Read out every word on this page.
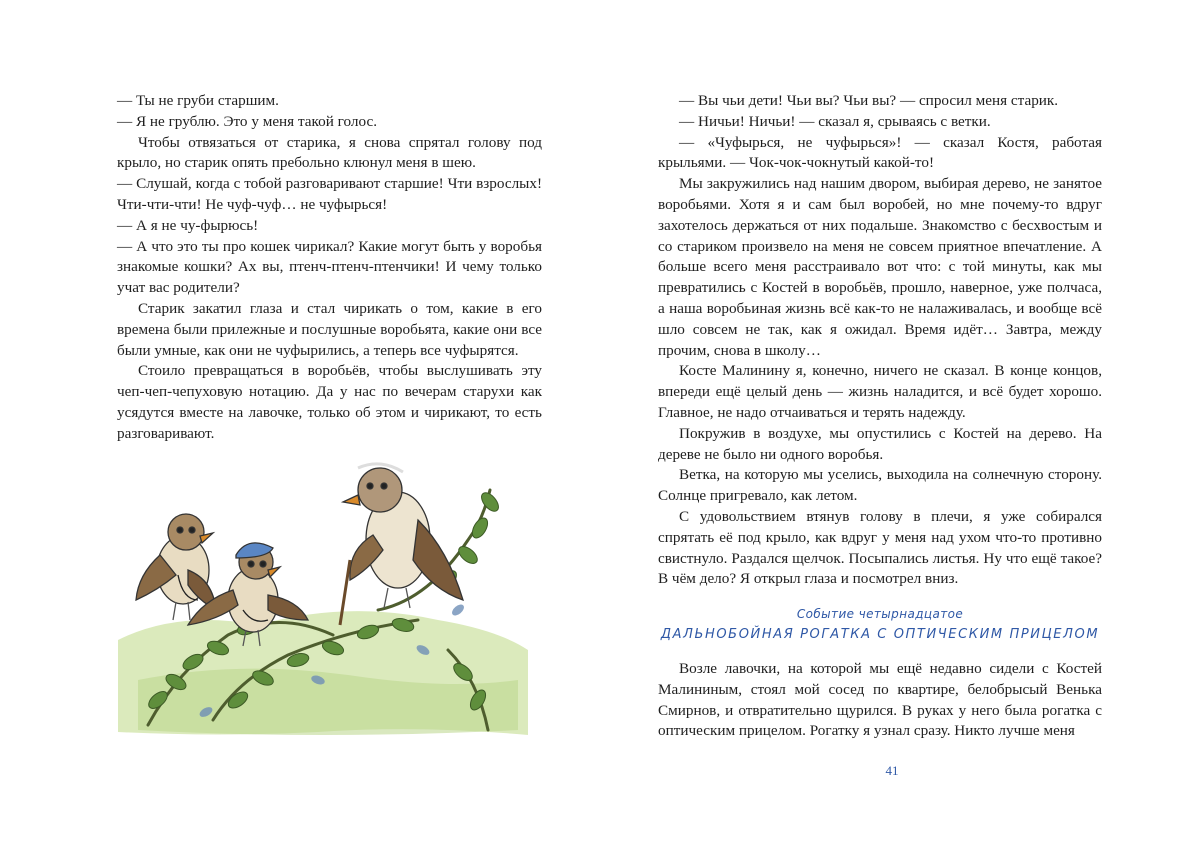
— Ты не груби старшим.

— Я не грублю. Это у меня такой голос.

Чтобы отвязаться от старика, я снова спрятал голову под крыло, но старик опять пребольно клюнул меня в шею.

— Слушай, когда с тобой разговаривают старшие! Чти взрослых! Чти-чти-чти! Не чуф-чуф… не чуфырься!

— А я не чу-фырюсь!

— А что это ты про кошек чирикал? Какие могут быть у воробья знакомые кошки? Ах вы, птенч-птенч-птенчики! И чему только учат вас родители?

Старик закатил глаза и стал чирикать о том, какие в его времена были прилежные и послушные воробьята, какие они все были умные, как они не чуфырились, а теперь все чуфырятся.

Стоило превращаться в воробьёв, чтобы выслушивать эту чеп-чеп-чепуховую нотацию. Да у нас по вечерам старухи как усядутся вместе на лавочке, только об этом и чирикают, то есть разговаривают.

— Вы чьи дети! Чьи вы? Чьи вы? — спросил меня старик.

— Ничьи! Ничьи! — сказал я, срываясь с ветки.

— «Чуфырься, не чуфырься»! — сказал Костя, работая крыльями. — Чок-чок-чокнутый какой-то!

Мы закружились над нашим двором, выбирая дерево, не занятое воробьями. Хотя я и сам был воробей, но мне почему-то вдруг захотелось держаться от них подальше. Знакомство с бесхвостым и со стариком произвело на меня не совсем приятное впечатление. А больше всего меня расстраивало вот что: с той минуты, как мы превратились с Костей в воробьёв, прошло, наверное, уже полчаса, а наша воробьиная жизнь всё как-то не налаживалась, и вообще всё шло совсем не так, как я ожидал. Время идёт… Завтра, между прочим, снова в школу…

Косте Малинину я, конечно, ничего не сказал. В конце концов, впереди ещё целый день — жизнь наладится, и всё будет хорошо. Главное, не надо отчаиваться и терять надежду.

Покружив в воздухе, мы опустились с Костей на дерево. На дереве не было ни одного воробья.

Ветка, на которую мы уселись, выходила на солнечную сторону. Солнце пригревало, как летом.

С удовольствием втянув голову в плечи, я уже собирался спрятать её под крыло, как вдруг у меня над ухом что-то противно свистнуло. Раздался щелчок. Посыпались листья. Ну что ещё такое? В чём дело? Я открыл глаза и посмотрел вниз.

Событие четырнадцатое
ДАЛЬНОБОЙНАЯ РОГАТКА С ОПТИЧЕСКИМ ПРИЦЕЛОМ

Возле лавочки, на которой мы ещё недавно сидели с Костей Малининым, стоял мой сосед по квартире, белобрысый Венька Смирнов, и отвратительно щурился. В руках у него была рогатка с оптическим прицелом. Рогатку я узнал сразу. Никто лучше меня

41
